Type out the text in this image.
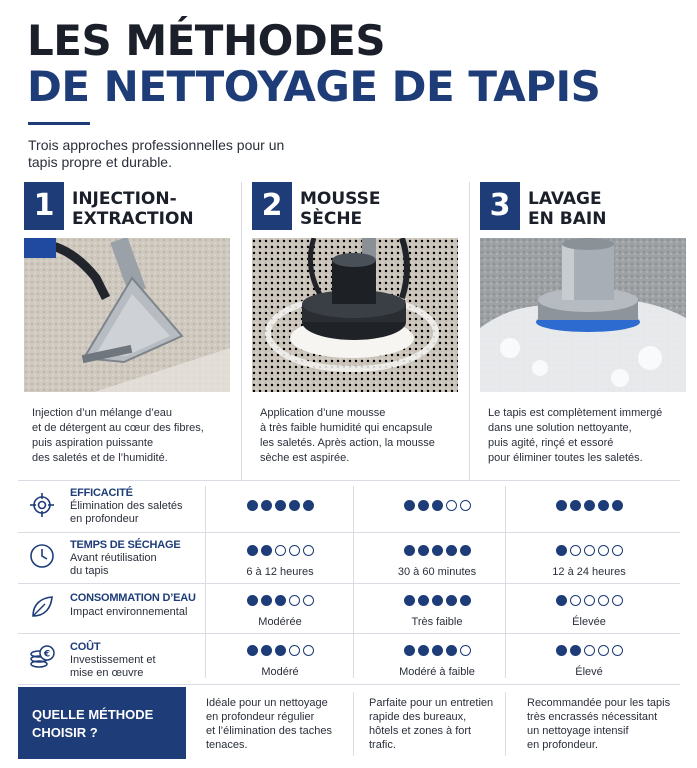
LES MÉTHODES
DE NETTOYAGE DE TAPIS

Trois approches professionnelles pour un tapis propre et durable.

1	INJECTION-
EXTRACTION

Injection d’un mélange d’eau
et de détergent au cœur des fibres,
puis aspiration puissante
des saletés et de l’humidité.

2	MOUSSE
SÈCHE

Application d’une mousse
à très faible humidité qui encapsule
les saletés. Après action, la mousse
sèche est aspirée.

3	LAVAGE
EN BAIN

Le tapis est complètement immergé
dans une solution nettoyante,
puis agité, rinçé et essoré
pour éliminer toutes les saletés.

EFFICACITÉ
Élimination des saletés
en profondeur
TEMPS DE SÉCHAGE
Avant réutilisation
du tapis	6 à 12 heures	30 à 60 minutes	12 à 24 heures
CONSOMMATION D’EAU
Impact environnemental
Modérée	Très faible	Élevée
€
COÛT
Investissement et
mise en œuvre	Modéré	Modéré à faible	Élevé
QUELLE MÉTHODE
CHOISIR ?

Idéale pour un nettoyage
en profondeur régulier
et l’élimination des taches
tenaces.

Parfaite pour un entretien
rapide des bureaux,
hôtels et zones à fort
trafic.

Recommandée pour les tapis
très encrassés nécessitant
un nettoyage intensif
en profondeur.
